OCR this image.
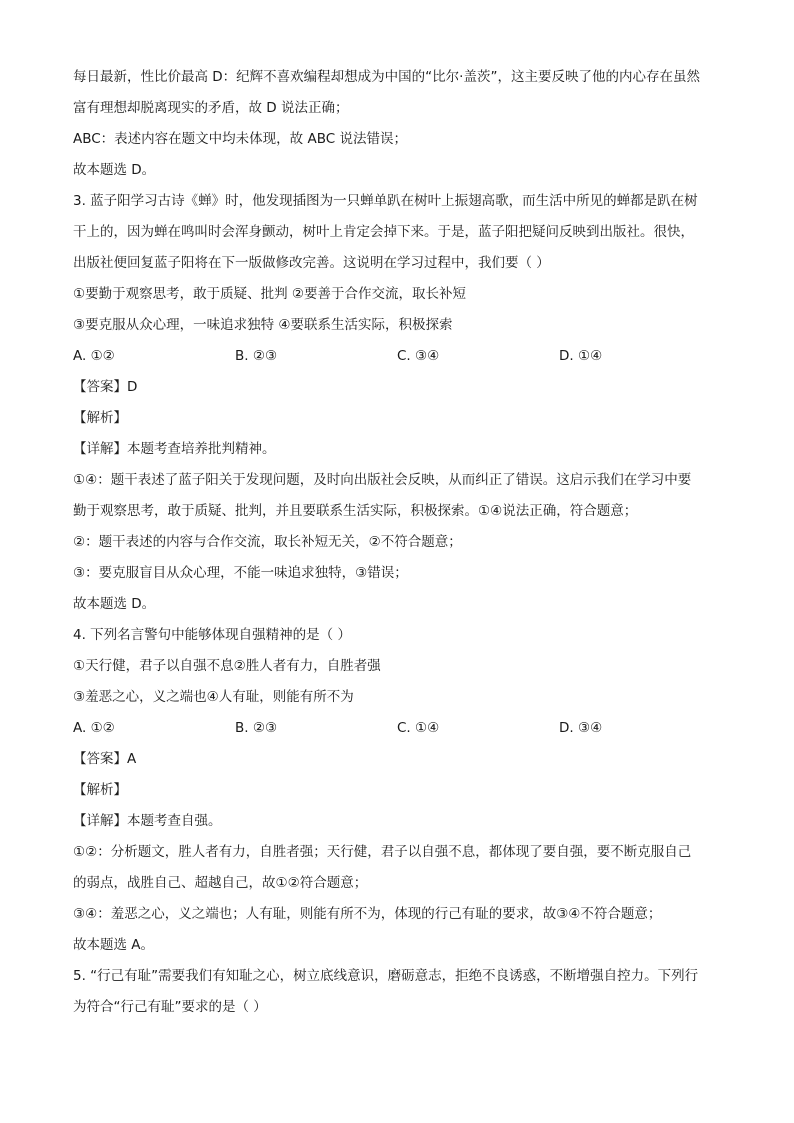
每日最新，性比价最高 D：纪辉不喜欢编程却想成为中国的“比尔·盖茨”，这主要反映了他的内心存在虽然
富有理想却脱离现实的矛盾，故 D 说法正确；
ABC：表述内容在题文中均未体现，故 ABC 说法错误；
故本题选 D。
3. 蓝子阳学习古诗《蝉》时，他发现插图为一只蝉单趴在树叶上振翅高歌，而生活中所见的蝉都是趴在树
干上的，因为蝉在鸣叫时会浑身颤动，树叶上肯定会掉下来。于是，蓝子阳把疑问反映到出版社。很快，
出版社便回复蓝子阳将在下一版做修改完善。这说明在学习过程中，我们要（ ）
①要勤于观察思考，敢于质疑、批判 ②要善于合作交流，取长补短
③要克服从众心理，一味追求独特 ④要联系生活实际，积极探索
A. ①②	B. ②③	C. ③④	D. ①④
【答案】D
【解析】
【详解】本题考查培养批判精神。
①④：题干表述了蓝子阳关于发现问题，及时向出版社会反映，从而纠正了错误。这启示我们在学习中要
勤于观察思考，敢于质疑、批判，并且要联系生活实际，积极探索。①④说法正确，符合题意；
②：题干表述的内容与合作交流，取长补短无关，②不符合题意；
③：要克服盲目从众心理，不能一味追求独特，③错误；
故本题选 D。
4. 下列名言警句中能够体现自强精神的是（ ）
①天行健，君子以自强不息②胜人者有力，自胜者强
③羞恶之心，义之端也④人有耻，则能有所不为
A. ①②	B. ②③	C. ①④	D. ③④
【答案】A
【解析】
【详解】本题考查自强。
①②：分析题文，胜人者有力，自胜者强；天行健，君子以自强不息，都体现了要自强，要不断克服自己
的弱点，战胜自己、超越自己，故①②符合题意；
③④：羞恶之心，义之端也；人有耻，则能有所不为，体现的行己有耻的要求，故③④不符合题意；
故本题选 A。
5. “行己有耻”需要我们有知耻之心，树立底线意识，磨砺意志，拒绝不良诱惑，不断增强自控力。下列行
为符合“行己有耻”要求的是（ ）
